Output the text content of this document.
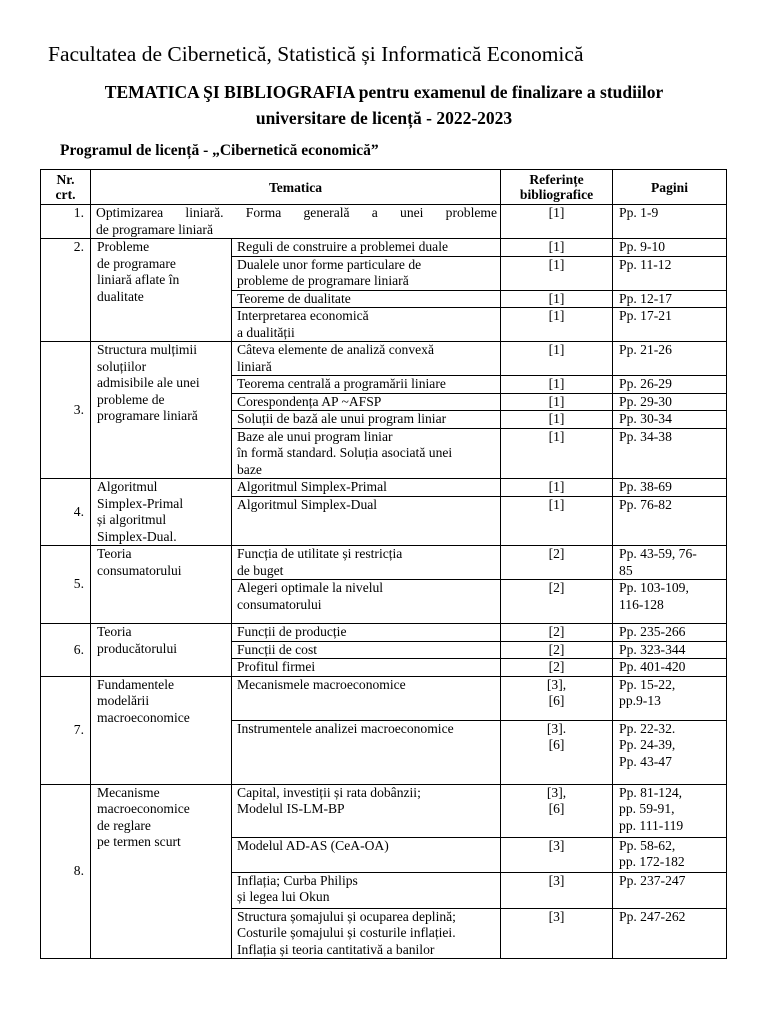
Facultatea de Cibernetică, Statistică și Informatică Economică
TEMATICA ŞI BIBLIOGRAFIA pentru examenul de finalizare a studiilor
universitare de licență - 2022-2023
Programul de licență - „Cibernetică economică”
Nr.
crt.	Tematica		Referințe
bibliografice	Pagini
1.	Optimizarea liniară. Forma generală a unei probleme
de programare liniară		[1]	Pp. 1-9
2.	Probleme
de programare
liniară aflate în
dualitate	Reguli de construire a problemei duale	[1]	Pp. 9-10
		Dualele unor forme particulare de
probleme de programare liniară	[1]	Pp. 11-12
		Teoreme de dualitate	[1]	Pp. 12-17
		Interpretarea economică
a dualității	[1]	Pp. 17-21
3.	Structura mulțimii
soluțiilor
admisibile ale unei
probleme de
programare liniară	Câteva elemente de analiză convexă
liniară	[1]	Pp. 21-26
		Teorema centrală a programării liniare	[1]	Pp. 26-29
		Corespondența AP ~AFSP	[1]	Pp. 29-30
		Soluții de bază ale unui program liniar	[1]	Pp. 30-34
		Baze ale unui program liniar
în formă standard. Soluția asociată unei
baze	[1]	Pp. 34-38
4.	Algoritmul
Simplex-Primal
și algoritmul
Simplex-Dual.	Algoritmul Simplex-Primal	[1]	Pp. 38-69
		Algoritmul Simplex-Dual	[1]	Pp. 76-82
5.	Teoria
consumatorului	Funcția de utilitate și restricția
de buget	[2]	Pp. 43-59, 76-
85
		Alegeri optimale la nivelul
consumatorului	[2]	Pp. 103-109,
116-128
6.	Teoria
producătorului	Funcții de producție	[2]	Pp. 235-266
		Funcții de cost	[2]	Pp. 323-344
		Profitul firmei	[2]	Pp. 401-420
7.	Fundamentele
modelării
macroeconomice	Mecanismele macroeconomice	[3],
[6]	Pp. 15-22,
pp.9-13
		Instrumentele analizei macroeconomice	[3].
[6]	Pp. 22-32.
Pp. 24-39,
Pp. 43-47
8.	Mecanisme
macroeconomice
de reglare
pe termen scurt	Capital, investiții și rata dobânzii;
Modelul IS-LM-BP	[3],
[6]	Pp. 81-124,
pp. 59-91,
pp. 111-119
		Modelul AD-AS (CeA-OA)	[3]	Pp. 58-62,
pp. 172-182
		Inflația; Curba Philips
și legea lui Okun	[3]	Pp. 237-247
		Structura șomajului și ocuparea deplină;
Costurile șomajului și costurile inflației.
Inflația și teoria cantitativă a banilor	[3]	Pp. 247-262
